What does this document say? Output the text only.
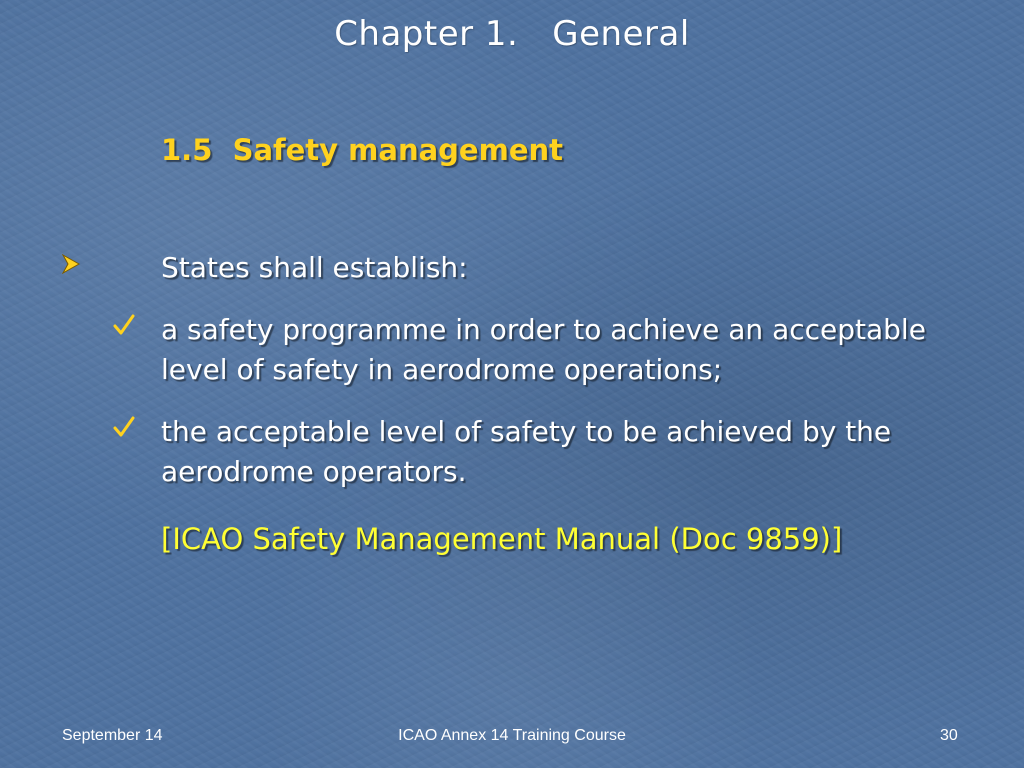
Chapter 1.   General
1.5  Safety management
States shall establish:
a safety programme in order to achieve an acceptable level of safety in aerodrome operations;
the acceptable level of safety to be achieved by the aerodrome operators.
[ICAO Safety Management Manual (Doc 9859)]
September 14	ICAO Annex 14 Training Course	30
